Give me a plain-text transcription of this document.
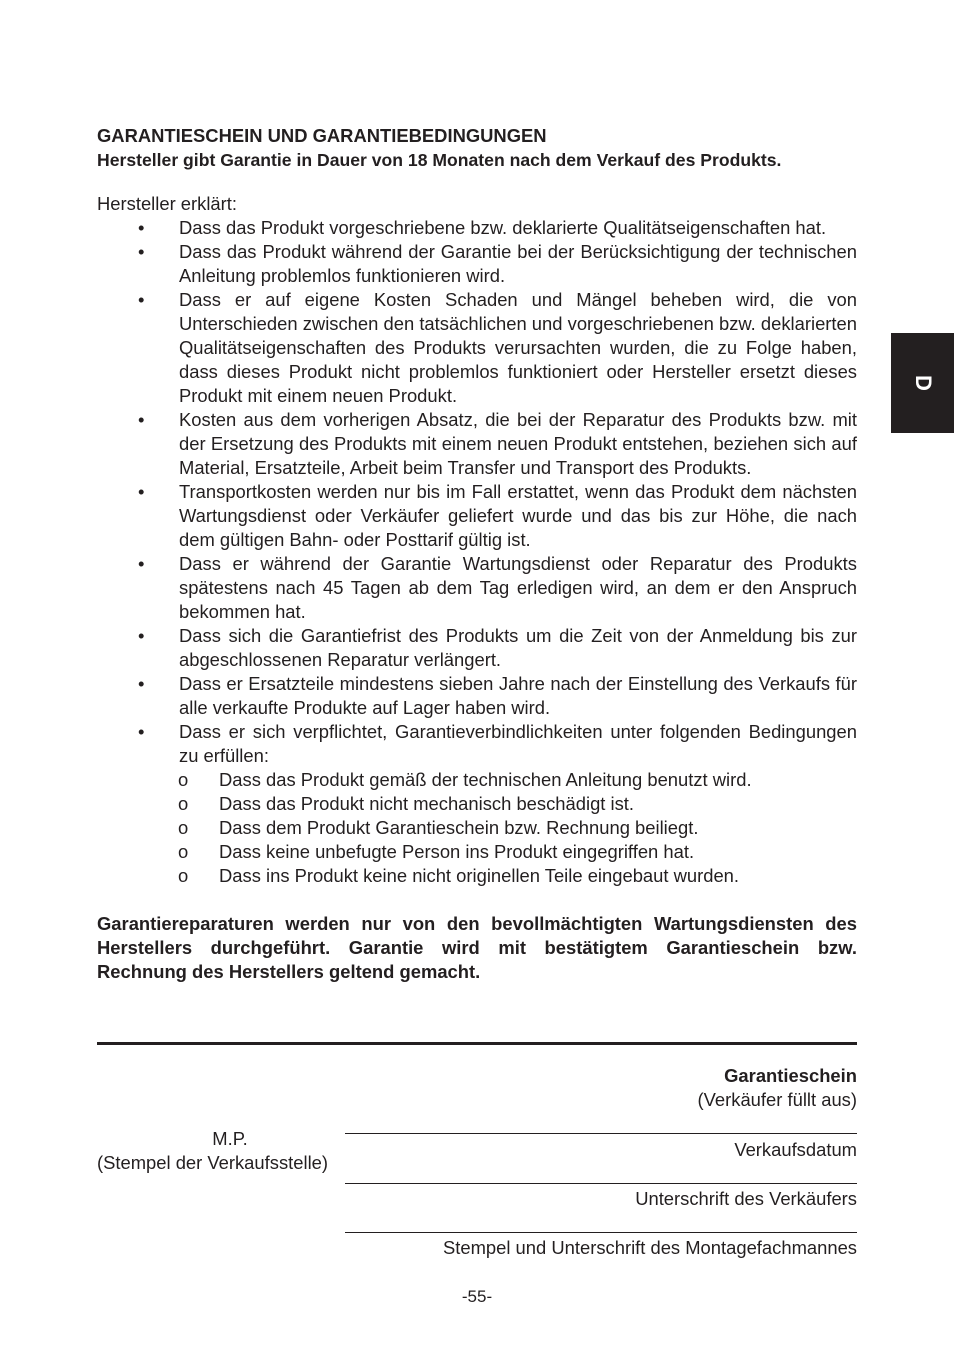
D

GARANTIESCHEIN UND GARANTIEBEDINGUNGEN

Hersteller gibt Garantie in Dauer von 18 Monaten nach dem Verkauf des Produkts.

Hersteller erklärt:

• Dass das Produkt vorgeschriebene bzw. deklarierte Qualitätseigenschaften hat.
• Dass das Produkt während der Garantie bei der Berücksichtigung der technischen Anleitung problemlos funktionieren wird.
• Dass er auf eigene Kosten Schaden und Mängel beheben wird, die von Unterschieden zwischen den tatsächlichen und vorgeschriebenen bzw. deklarierten Qualitätseigenschaften des Produkts verursachten wurden, die zu Folge haben, dass dieses Produkt nicht problemlos funktioniert oder Hersteller ersetzt dieses Produkt mit einem neuen Produkt.
• Kosten aus dem vorherigen Absatz, die bei der Reparatur des Produkts bzw. mit der Ersetzung des Produkts mit einem neuen Produkt entstehen, beziehen sich auf Material, Ersatzteile, Arbeit beim Transfer und Transport des Produkts.
• Transportkosten werden nur bis im Fall erstattet, wenn das Produkt dem nächsten Wartungsdienst oder Verkäufer geliefert wurde und das bis zur Höhe, die nach dem gültigen Bahn- oder Posttarif gültig ist.
• Dass er während der Garantie Wartungsdienst oder Reparatur des Produkts spätestens nach 45 Tagen ab dem Tag erledigen wird, an dem er den Anspruch bekommen hat.
• Dass sich die Garantiefrist des Produkts um die Zeit von der Anmeldung bis zur abgeschlossenen Reparatur verlängert.
• Dass er Ersatzteile mindestens sieben Jahre nach der Einstellung des Verkaufs für alle verkaufte Produkte auf Lager haben wird.
• Dass er sich verpflichtet, Garantieverbindlichkeiten unter folgenden Bedingungen zu erfüllen:
o Dass das Produkt gemäß der technischen Anleitung benutzt wird.
o Dass das Produkt nicht mechanisch beschädigt ist.
o Dass dem Produkt Garantieschein bzw. Rechnung beiliegt.
o Dass keine unbefugte Person ins Produkt eingegriffen hat.
o Dass ins Produkt keine nicht originellen Teile eingebaut wurden.

Garantiereparaturen werden nur von den bevollmächtigten Wartungsdiensten des Herstellers durchgeführt. Garantie wird mit bestätigtem Garantieschein bzw. Rechnung des Herstellers geltend gemacht.

Garantieschein
(Verkäufer füllt aus)
M.P.
(Stempel der Verkaufsstelle)
Verkaufsdatum
Unterschrift des Verkäufers
Stempel und Unterschrift des Montagefachmannes
-55-
